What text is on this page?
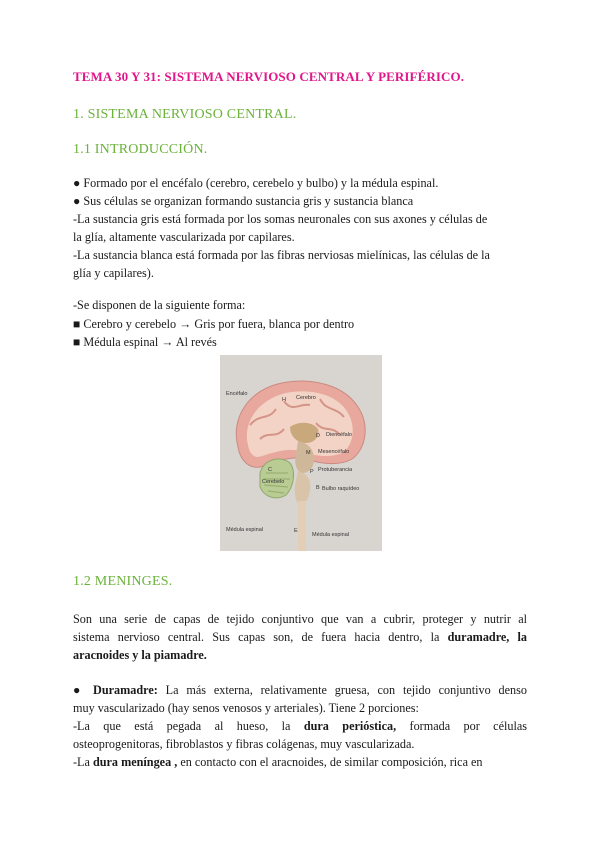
TEMA 30 Y 31: SISTEMA NERVIOSO CENTRAL Y PERIFÉRICO.
1. SISTEMA NERVIOSO CENTRAL.
1.1 INTRODUCCIÓN.
● Formado por el encéfalo (cerebro, cerebelo y bulbo) y la médula espinal.
● Sus células se organizan formando sustancia gris y sustancia blanca
-La sustancia gris está formada por los somas neuronales con sus axones y células de
la glía, altamente vascularizada por capilares.
-La sustancia blanca está formada por las fibras nerviosas mielínicas, las células de la
glía y capilares).
-Se disponen de la siguiente forma:
■ Cerebro y cerebelo → Gris por fuera, blanca por dentro
■ Médula espinal → Al revés
Encéfalo
H Cerebro
D Diencéfalo
M Mesencéfalo
P Protuberancia
C
Cerebelo
B Bulbo raquídeo
Médula espinal	E
Médula espinal
1.2 MENINGES.
Son una serie de capas de tejido conjuntivo que van a cubrir, proteger y nutrir al
sistema nervioso central. Sus capas son, de fuera hacia dentro, la duramadre, la
aracnoides y la piamadre.
● Duramadre: La más externa, relativamente gruesa, con tejido conjuntivo denso
muy vascularizado (hay senos venosos y arteriales). Tiene 2 porciones:
-La que está pegada al hueso, la dura perióstica, formada por células
osteoprogenitoras, fibroblastos y fibras colágenas, muy vascularizada.
-La dura meníngea , en contacto con el aracnoides, de similar composición, rica en
